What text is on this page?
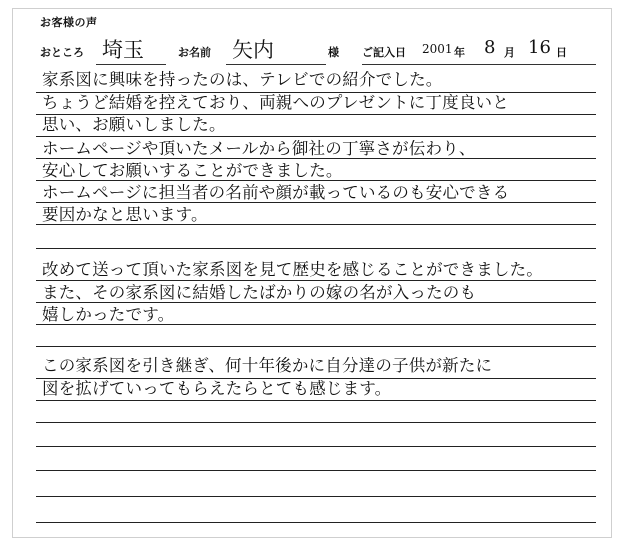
お客様の声
おところ 埼玉	お名前 矢内	様 ご記入日 2001 年 8 月 16 日
家系図に興味を持ったのは、テレビでの紹介でした。
ちょうど結婚を控えており、両親へのプレゼントに丁度良いと
思い、お願いしました。
ホームページや頂いたメールから御社の丁寧さが伝わり、
安心してお願いすることができました。
ホームページに担当者の名前や顔が載っているのも安心できる
要因かなと思います。
改めて送って頂いた家系図を見て歴史を感じることができました。
また、その家系図に結婚したばかりの嫁の名が入ったのも
嬉しかったです。
この家系図を引き継ぎ、何十年後かに自分達の子供が新たに
図を拡げていってもらえたらとても感じます。
